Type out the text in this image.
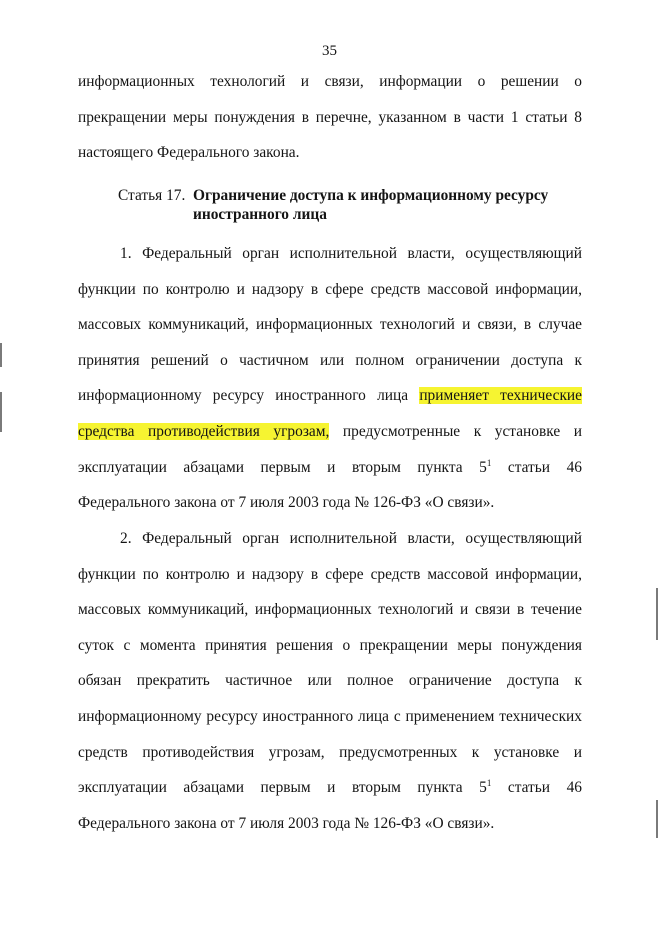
35
информационных технологий и связи, информации о решении о
прекращении меры понуждения в перечне, указанном в части 1 статьи 8
настоящего Федерального закона.
Статья 17. Ограничение доступа к информационному ресурсу
иностранного лица
1. Федеральный орган исполнительной власти, осуществляющий
функции по контролю и надзору в сфере средств массовой информации,
массовых коммуникаций, информационных технологий и связи, в случае
принятия решений о частичном или полном ограничении доступа к
информационному ресурсу иностранного лица применяет технические
средства противодействия угрозам, предусмотренные к установке и
эксплуатации абзацами первым и вторым пункта $5^1$ статьи 46
Федерального закона от 7 июля 2003 года № 126-ФЗ «О связи».
2. Федеральный орган исполнительной власти, осуществляющий
функции по контролю и надзору в сфере средств массовой информации,
массовых коммуникаций, информационных технологий и связи в течение
суток с момента принятия решения о прекращении меры понуждения
обязан прекратить частичное или полное ограничение доступа к
информационному ресурсу иностранного лица с применением технических
средств противодействия угрозам, предусмотренных к установке и
эксплуатации абзацами первым и вторым пункта $5^1$ статьи 46
Федерального закона от 7 июля 2003 года № 126-ФЗ «О связи».
